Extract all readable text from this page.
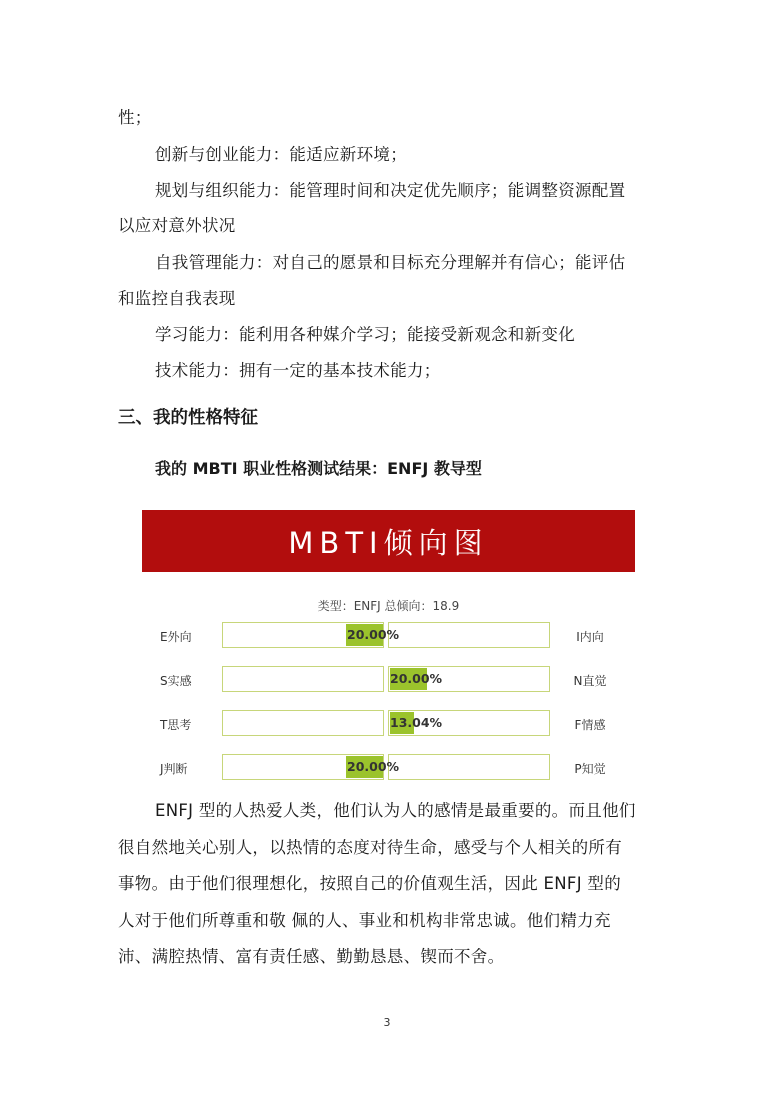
性；
创新与创业能力：能适应新环境；
规划与组织能力：能管理时间和决定优先顺序；能调整资源配置
以应对意外状况
自我管理能力：对自己的愿景和目标充分理解并有信心；能评估
和监控自我表现
学习能力：能利用各种媒介学习；能接受新观念和新变化
技术能力：拥有一定的基本技术能力；
三、我的性格特征
我的 MBTI 职业性格测试结果：ENFJ 教导型
MBTI倾向图
类型：ENFJ 总倾向：18.9
E外向	I内向
20.00%
S实感	N直觉
20.00%
T思考	F情感
13.04%
J判断	P知觉
20.00%
ENFJ 型的人热爱人类，他们认为人的感情是最重要的。而且他们
很自然地关心别人，以热情的态度对待生命，感受与个人相关的所有
事物。由于他们很理想化，按照自己的价值观生活，因此 ENFJ 型的
人对于他们所尊重和敬 佩的人、事业和机构非常忠诚。他们精力充
沛、满腔热情、富有责任感、勤勤恳恳、锲而不舍。
3
